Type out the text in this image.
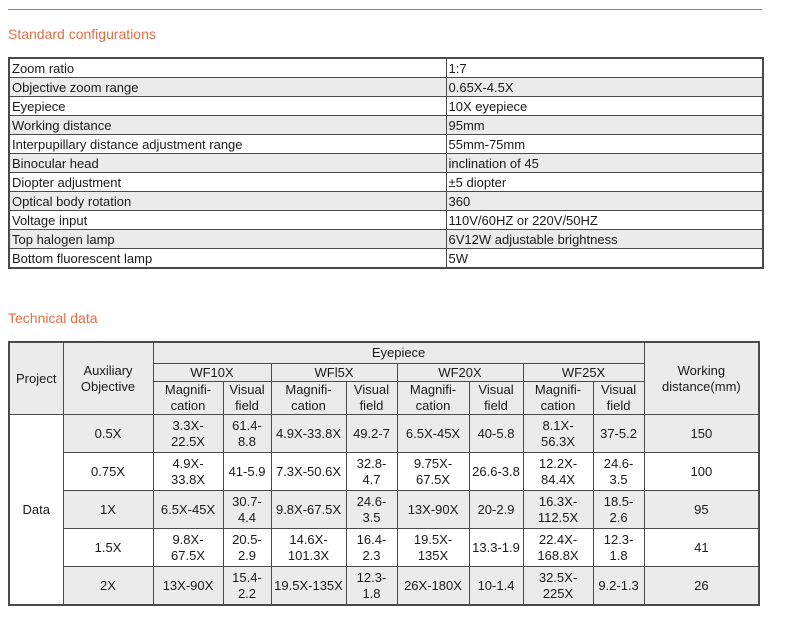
Standard configurations
Zoom ratio	1:7
Objective zoom range	0.65X-4.5X
Eyepiece	10X eyepiece
Working distance	95mm
Interpupillary distance adjustment range	55mm-75mm
Binocular head	inclination of 45
Diopter adjustment	±5 diopter
Optical body rotation	360
Voltage input	110V/60HZ or 220V/50HZ
Top halogen lamp	6V12W adjustable brightness
Bottom fluorescent lamp	5W
Technical data
Project	Auxiliary Objective	Eyepiece								Working distance(mm)
		WF10X		WFl5X		WF20X		WF25X		
		Magnifi-cation	Visual field	Magnifi-cation	Visual field	Magnifi-cation	Visual field	Magnifi-cation	Visual field	
Data	0.5X	3.3X-22.5X	61.4-8.8	4.9X-33.8X	49.2-7	6.5X-45X	40-5.8	8.1X-56.3X	37-5.2	150
	0.75X	4.9X-33.8X	41-5.9	7.3X-50.6X	32.8-4.7	9.75X-67.5X	26.6-3.8	12.2X-84.4X	24.6-3.5	100
	1X	6.5X-45X	30.7-4.4	9.8X-67.5X	24.6-3.5	13X-90X	20-2.9	16.3X-112.5X	18.5-2.6	95
	1.5X	9.8X-67.5X	20.5-2.9	14.6X-101.3X	16.4-2.3	19.5X-135X	13.3-1.9	22.4X-168.8X	12.3-1.8	41
	2X	13X-90X	15.4-2.2	19.5X-135X	12.3-1.8	26X-180X	10-1.4	32.5X-225X	9.2-1.3	26
